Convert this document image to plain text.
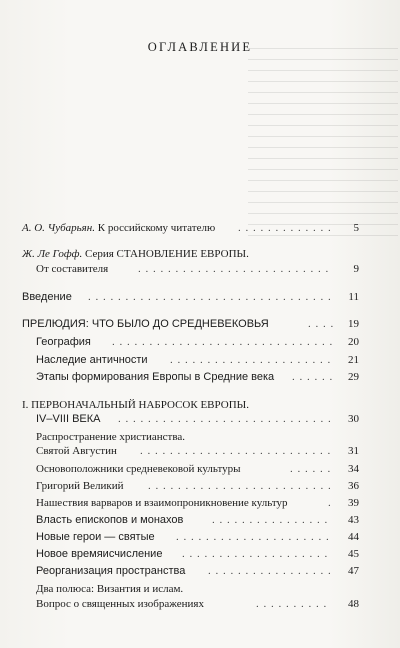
ОГЛАВЛЕНИЕ
А. О. Чубарьян. К российскому читателю . . . . . . . . . . . . .	5
Ж. Ле Гофф. Серия СТАНОВЛЕНИЕ ЕВРОПЫ.
От составителя	. . . . . . . . . . . . . . . . . . . . . . . . . .	9
Введение . . . . . . . . . . . . . . . . . . . . . . . . . . . . . . . . .	11
ПРЕЛЮДИЯ: ЧТО БЫЛО ДО СРЕДНЕВЕКОВЬЯ	. . . .	19
География . . . . . . . . . . . . . . . . . . . . . . . . . . . . . .	20
Наследие античности . . . . . . . . . . . . . . . . . . . . . .	21
Этапы формирования Европы в Средние века . . . . . .	29
I. ПЕРВОНАЧАЛЬНЫЙ НАБРОСОК ЕВРОПЫ.
IV–VIII ВЕКА . . . . . . . . . . . . . . . . . . . . . . . . . . . . .	30
Распространение христианства.
Святой Августин . . . . . . . . . . . . . . . . . . . . . . . . . .	31
Основоположники средневековой культуры	. . . . . .	34
Григорий Великий . . . . . . . . . . . . . . . . . . . . . . . . .	36
Нашествия варваров и взаимопроникновение культур	.	39
Власть епископов и монахов	. . . . . . . . . . . . . . . .	43
Новые герои — святые . . . . . . . . . . . . . . . . . . . . .	44
Новое времяисчисление . . . . . . . . . . . . . . . . . . . .	45
Реорганизация пространства . . . . . . . . . . . . . . . . .	47
Два полюса: Византия и ислам.
Вопрос о священных изображениях	. . . . . . . . . .	48
